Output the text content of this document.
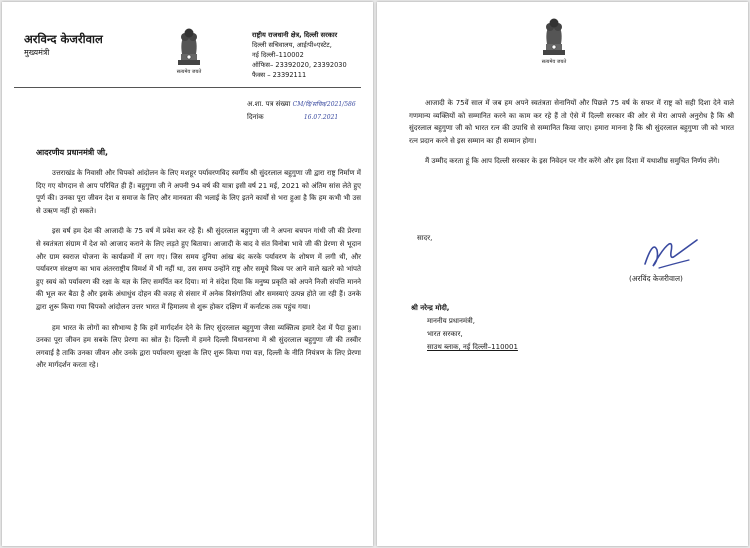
अरविन्द केजरीवाल
मुख्यमंत्री
सत्यमेव जयते
राष्ट्रीय राजधानी क्षेत्र, दिल्ली सरकार
दिल्ली सचिवालय, आईःपी०एस्टेट,
नई दिल्ली–110002
ऑफिस– 23392020, 23392030
फैक्स – 23392111
अ.शा. पत्र संख्या CM/दि/सचिव/2021/586
दिनांक	16.07.2021
आदरणीय प्रधानमंत्री जी,

उत्तराखंड के निवासी और चिपको आंदोलन के लिए मशहूर पर्यावरणविद स्वर्गीय श्री सुंदरलाल बहुगुणा जी द्वारा राष्ट्र निर्माण में दिए गए योगदान से आप परिचित ही हैं। बहुगुणा जी ने अपनी 94 वर्ष की यात्रा इसी वर्ष 21 मई, 2021 को अंतिम सांस लेते हुए पूर्ण की। उनका पूरा जीवन देश व समाज के लिए और मानवता की भलाई के लिए इतने कार्यों से भरा हुआ है कि हम कभी भी उस से उऋण नहीं हो सकते।

इस वर्ष हम देश की आजादी के 75 वर्ष में प्रवेश कर रहे हैं। श्री सुंदरलाल बहुगुणा जी ने अपना बचपन गांधी जी की प्रेरणा से स्वतंत्रता संग्राम में देश को आजाद कराने के लिए लड़ते हुए बिताया। आजादी के बाद वे संत विनोबा भावे जी की प्रेरणा से भूदान और ग्राम स्वराज योजना के कार्यक्रमों में लग गए। जिस समय दुनिया आंख बंद करके पर्यावरण के शोषण में लगी थी, और पर्यावरण संरक्षण का भाव अंतरराष्ट्रीय विमर्श में भी नहीं था, उस समय उन्होंने राष्ट्र और समूचे विश्व पर आने वाले खतरे को भांपते हुए स्वयं को पर्यावरण की रक्षा के यज्ञ के लिए समर्पित कर दिया। मां ने संदेश दिया कि मनुष्य प्रकृति को अपने निजी संपत्ति मानने की भूल कर बैठा है और इसके अंधाधुंध दोहन की वजह से संसार में अनेक विसंगतियां और समस्याएं उत्पन्न होते जा रही हैं। उनके द्वारा शुरू किया गया चिपको आंदोलन उत्तर भारत में हिमालय से शुरू होकर दक्षिण में कर्नाटक तक पहुंच गया।

हम भारत के लोगों का सौभाग्य है कि हमें मार्गदर्शन देने के लिए सुंदरलाल बहुगुणा जैसा व्यक्तित्व हमारे देश में पैदा हुआ। उनका पूरा जीवन हम सबके लिए प्रेरणा का स्रोत है। दिल्ली में हमने दिल्ली विधानसभा में श्री सुंदरलाल बहुगुणा जी की तस्वीर लगवाई है ताकि उनका जीवन और उनके द्वारा पर्यावरण सुरक्षा के लिए शुरू किया गया यज्ञ, दिल्ली के नीति नियंत्रण के लिए प्रेरणा और मार्गदर्शन करता रहे।

सत्यमेव जयते

आजादी के 75वें साल में जब हम अपने स्वतंत्रता सेनानियों और पिछले 75 वर्ष के सफर में राष्ट्र को सही दिशा देने वाले गणमान्य व्यक्तियों को सम्मानित करने का काम कर रहे हैं तो ऐसे में दिल्ली सरकार की ओर से मेरा आपसे अनुरोध है कि श्री सुंदरलाल बहुगुणा जी को भारत रत्न की उपाधि से सम्मानित किया जाए। हमारा मानना है कि श्री सुंदरलाल बहुगुणा जी को भारत रत्न प्रदान करने से इस सम्मान का ही सम्मान होगा।

मैं उम्मीद करता हूं कि आप दिल्ली सरकार के इस निवेदन पर गौर करेंगे और इस दिशा में यथाशीघ्र समुचित निर्णय लेंगे।

सादर,
(अरविंद केजरीवाल)
श्री नरेन्द्र मोदी,
माननीय प्रधानमंत्री,
भारत सरकार,
साउथ ब्लाक, नई दिल्ली–110001
